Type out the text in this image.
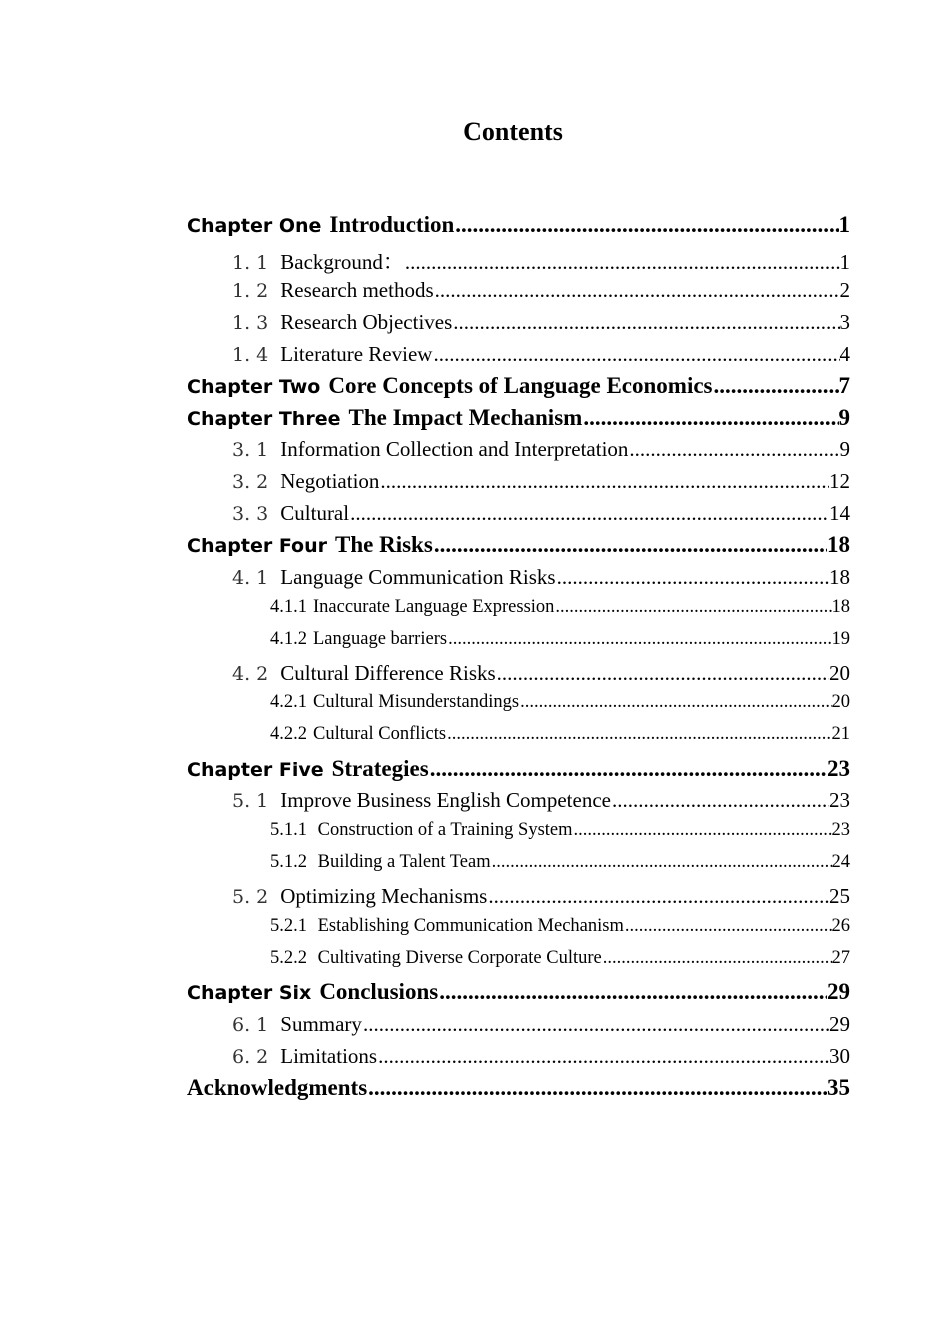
Contents
Chapter One Introduction .....	1
1. 1 Background： .....	1
1. 2 Research methods .....	2
1. 3 Research Objectives .....	3
1. 4 Literature Review .....	4
Chapter Two Core Concepts of Language Economics .....	7
Chapter Three The Impact Mechanism .....	9
3. 1 Information Collection and Interpretation .....	9
3. 2 Negotiation .....	12
3. 3 Cultural .....	14
Chapter Four The Risks .....	18
4. 1 Language Communication Risks .....	18
4.1.1 Inaccurate Language Expression .....	18
4.1.2 Language barriers .....	19
4. 2 Cultural Difference Risks .....	20
4.2.1 Cultural Misunderstandings .....	20
4.2.2 Cultural Conflicts .....	21
Chapter Five Strategies .....	23
5. 1 Improve Business English Competence .....	23
5.1.1 Construction of a Training System .....	23
5.1.2 Building a Talent Team .....	24
5. 2 Optimizing Mechanisms .....	25
5.2.1 Establishing Communication Mechanism .....	26
5.2.2 Cultivating Diverse Corporate Culture .....	27
Chapter Six Conclusions .....	29
6. 1 Summary .....	29
6. 2 Limitations .....	30
Acknowledgments .....	35
